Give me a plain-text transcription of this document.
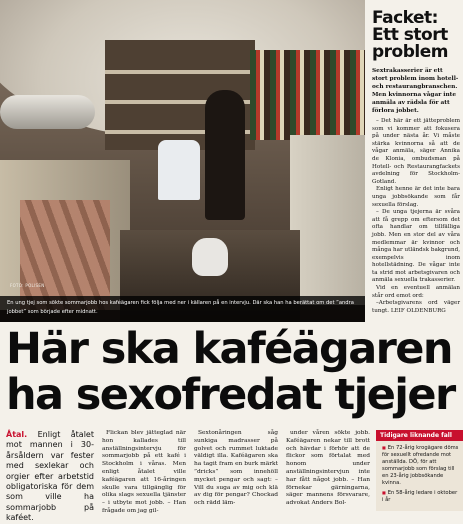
FOTO: POLISEN
En ung tjej som sökte sommarjobb hos kaféägaren fick följa med ner i källaren på en intervju. Där ska han ha berättat om det ”andra jobbet” som började efter midnatt.
Facket: Ett stort problem
Sextrakasserier är ett stort problem inom hotell- och restaurangbranschen. Men kvinnorna vågar inte anmäla av rädsla för att förlora jobbet.

– Det här är ett jätteproblem som vi kommer att fokusera på under nästa år. Vi måste stärka kvinnorna så att de vågar anmäla, säger Annika de Klonia, ombudsman på Hotell- och Restaurangfackets avdelning för Stockholm-Gotland.

Enligt henne är det inte bara unga jobbsökande som får sexuella förslag.

– De unga tjejerna är svåra att få grepp om eftersom det ofta handlar om tillfälliga jobb. Men en stor del av våra medlemmar är kvinnor och många har utländsk bakgrund, exempelvis inom hotellstädning. De vågar inte ta strid mot arbetsgivaren och anmäla sexuella trakasserier.

Vid en eventuell anmälan står ord emot ord:

–Arbetsgivarens ord väger tungt. LEIF OLDENBURG

Här ska kaféägaren ha sexofredat tjejer
Åtal. Enligt åtalet mot mannen i 30-årsåldern var fester med sexlekar och orgier efter arbetstid obligatoriska för dem som ville ha sommarjobb på kaféet.

Flickan blev jätteglad när hon kallades till anställningsintervju för sommarjobb på ett kafé i Stockholm i våras. Men enligt åtalet ville kaféägaren att 16-åringen skulle vara tillgänglig för olika slags sexuella tjänster – i utbyte mot jobb. – Han frågade om jag gil-

Sextonåringen såg sunkiga madrasser på golvet och rummet luktade väldigt illa. Kaféägaren ska ha tagit fram en burk märkt ”dricks” som innehöll mycket pengar och sagt: – Vill du suga av mig och klä av dig för pengar? Chockad och rädd läm-

under våren sökte jobb. Kaféägaren nekar till brott och hävdar i förhör att de flickor som förtalat med honom under anställningsintervjun inte har fått något jobb. – Han förnekar gärningarna, säger mannens försvarare, advokat Anders Bol-

Tidigare liknande fall
■ En 72-årig krogägare döms för sexuellt ofredande mot anställda. DÖ, för att sommarjobb som förslag till en 23-årig jobbsökande kvinna.
■ En 58-årig ledare i oktober i år
